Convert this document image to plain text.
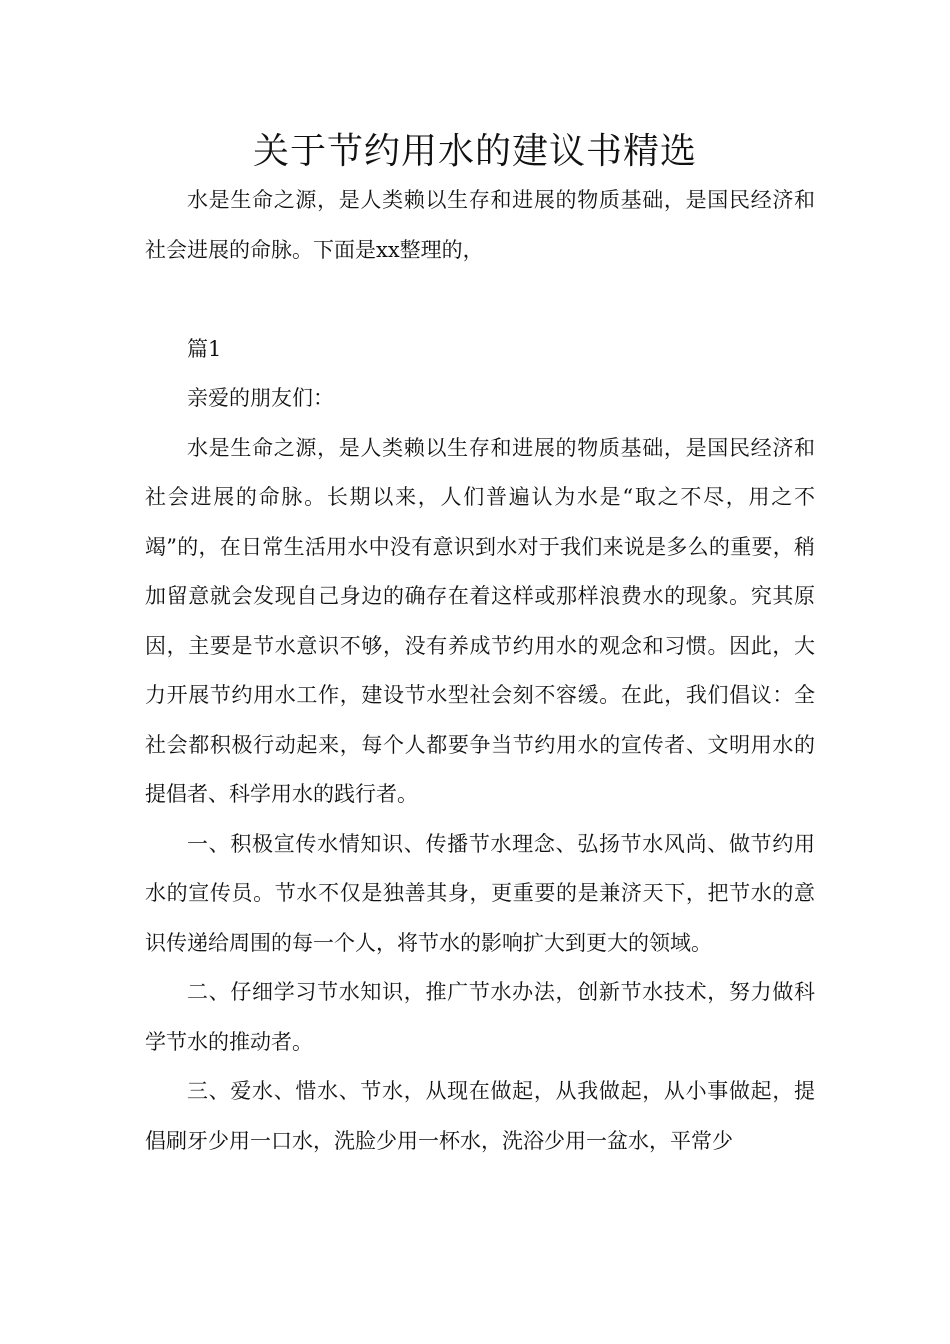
关于节约用水的建议书精选

水是生命之源，是人类赖以生存和进展的物质基础，是国民经济和社会进展的命脉。下面是xx整理的，

篇1

亲爱的朋友们：

水是生命之源，是人类赖以生存和进展的物质基础，是国民经济和社会进展的命脉。长期以来，人们普遍认为水是“取之不尽，用之不竭”的，在日常生活用水中没有意识到水对于我们来说是多么的重要，稍加留意就会发现自己身边的确存在着这样或那样浪费水的现象。究其原因，主要是节水意识不够，没有养成节约用水的观念和习惯。因此，大力开展节约用水工作，建设节水型社会刻不容缓。在此，我们倡议：全社会都积极行动起来，每个人都要争当节约用水的宣传者、文明用水的提倡者、科学用水的践行者。

一、积极宣传水情知识、传播节水理念、弘扬节水风尚、做节约用水的宣传员。节水不仅是独善其身，更重要的是兼济天下，把节水的意识传递给周围的每一个人，将节水的影响扩大到更大的领域。

二、仔细学习节水知识，推广节水办法，创新节水技术，努力做科学节水的推动者。

三、爱水、惜水、节水，从现在做起，从我做起，从小事做起，提倡刷牙少用一口水，洗脸少用一杯水，洗浴少用一盆水，平常少
